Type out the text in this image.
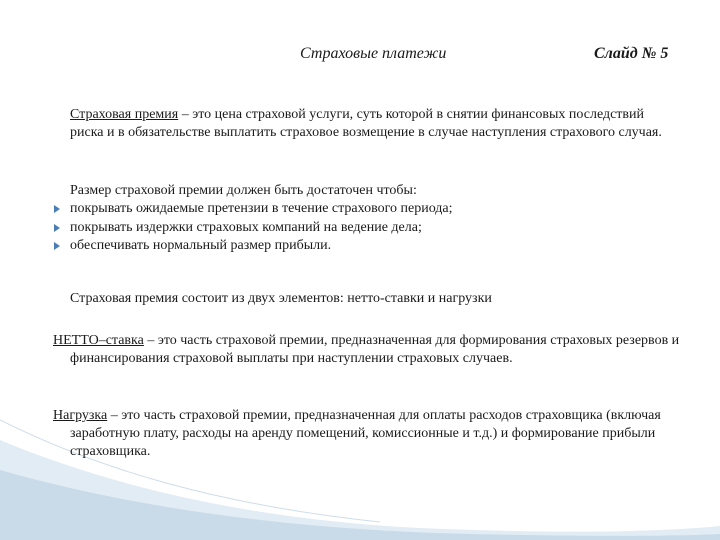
Страховые платежи	Слайд № 5
Страховая премия – это цена страховой услуги, суть которой в снятии финансовых последствий риска и в обязательстве выплатить страховое возмещение в случае наступления страхового случая.
Размер страховой премии должен быть достаточен чтобы:
покрывать ожидаемые претензии в течение страхового периода;
покрывать издержки страховых компаний на ведение дела;
обеспечивать нормальный размер прибыли.
Страховая премия состоит из двух элементов: нетто-ставки и нагрузки
НЕТТО–ставка – это часть страховой премии, предназначенная для формирования страховых резервов и финансирования страховой выплаты при наступлении страховых случаев.
Нагрузка – это часть страховой премии, предназначенная для оплаты расходов страховщика (включая заработную плату, расходы на аренду помещений, комиссионные и т.д.) и формирование прибыли страховщика.
